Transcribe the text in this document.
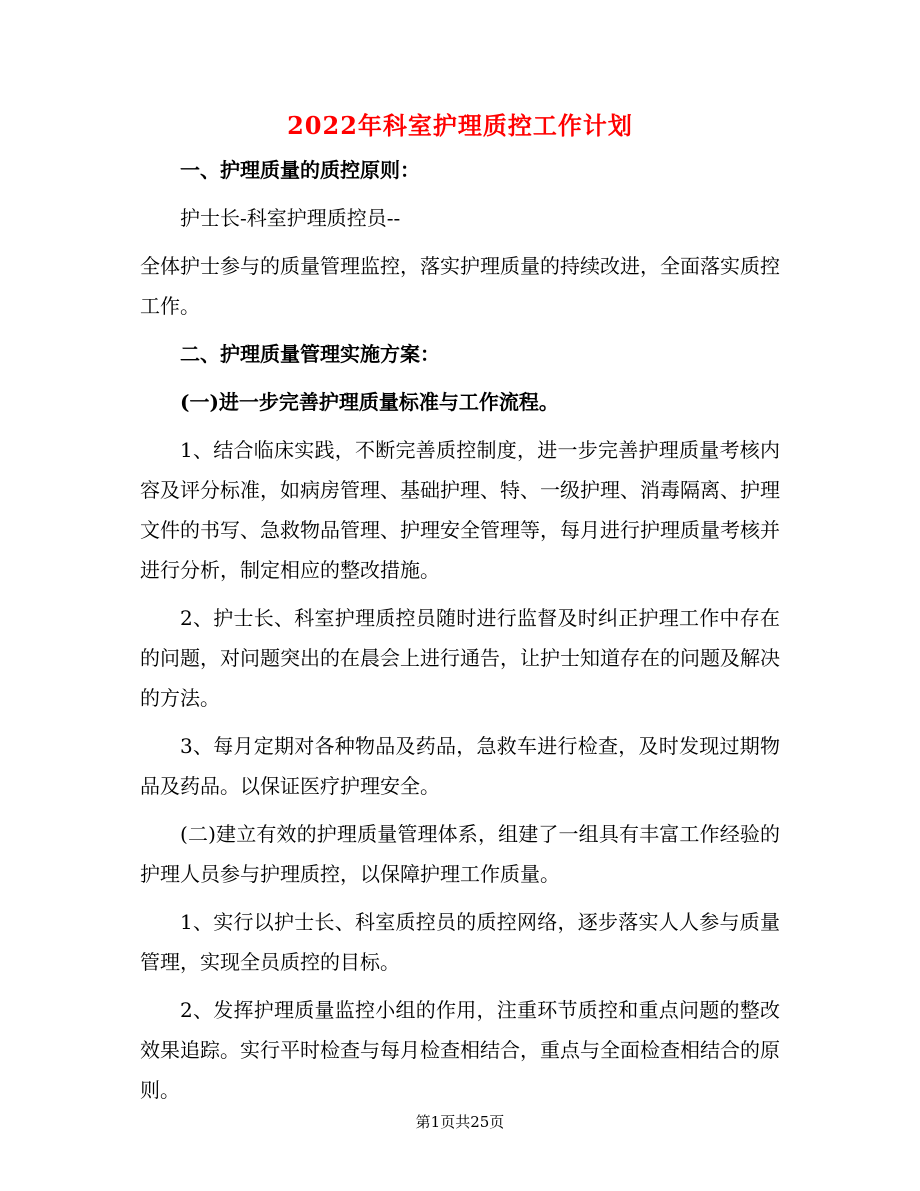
2022年科室护理质控工作计划

一、护理质量的质控原则：

护士长-科室护理质控员--

全体护士参与的质量管理监控，落实护理质量的持续改进，全面落实质控工作。

二、护理质量管理实施方案：

(一)进一步完善护理质量标准与工作流程。

1、结合临床实践，不断完善质控制度，进一步完善护理质量考核内容及评分标准，如病房管理、基础护理、特、一级护理、消毒隔离、护理文件的书写、急救物品管理、护理安全管理等，每月进行护理质量考核并进行分析，制定相应的整改措施。

2、护士长、科室护理质控员随时进行监督及时纠正护理工作中存在的问题，对问题突出的在晨会上进行通告，让护士知道存在的问题及解决的方法。

3、每月定期对各种物品及药品，急救车进行检查，及时发现过期物品及药品。以保证医疗护理安全。

(二)建立有效的护理质量管理体系，组建了一组具有丰富工作经验的护理人员参与护理质控，以保障护理工作质量。

1、实行以护士长、科室质控员的质控网络，逐步落实人人参与质量管理，实现全员质控的目标。

2、发挥护理质量监控小组的作用，注重环节质控和重点问题的整改效果追踪。实行平时检查与每月检查相结合，重点与全面检查相结合的原则。

第1页共25页
